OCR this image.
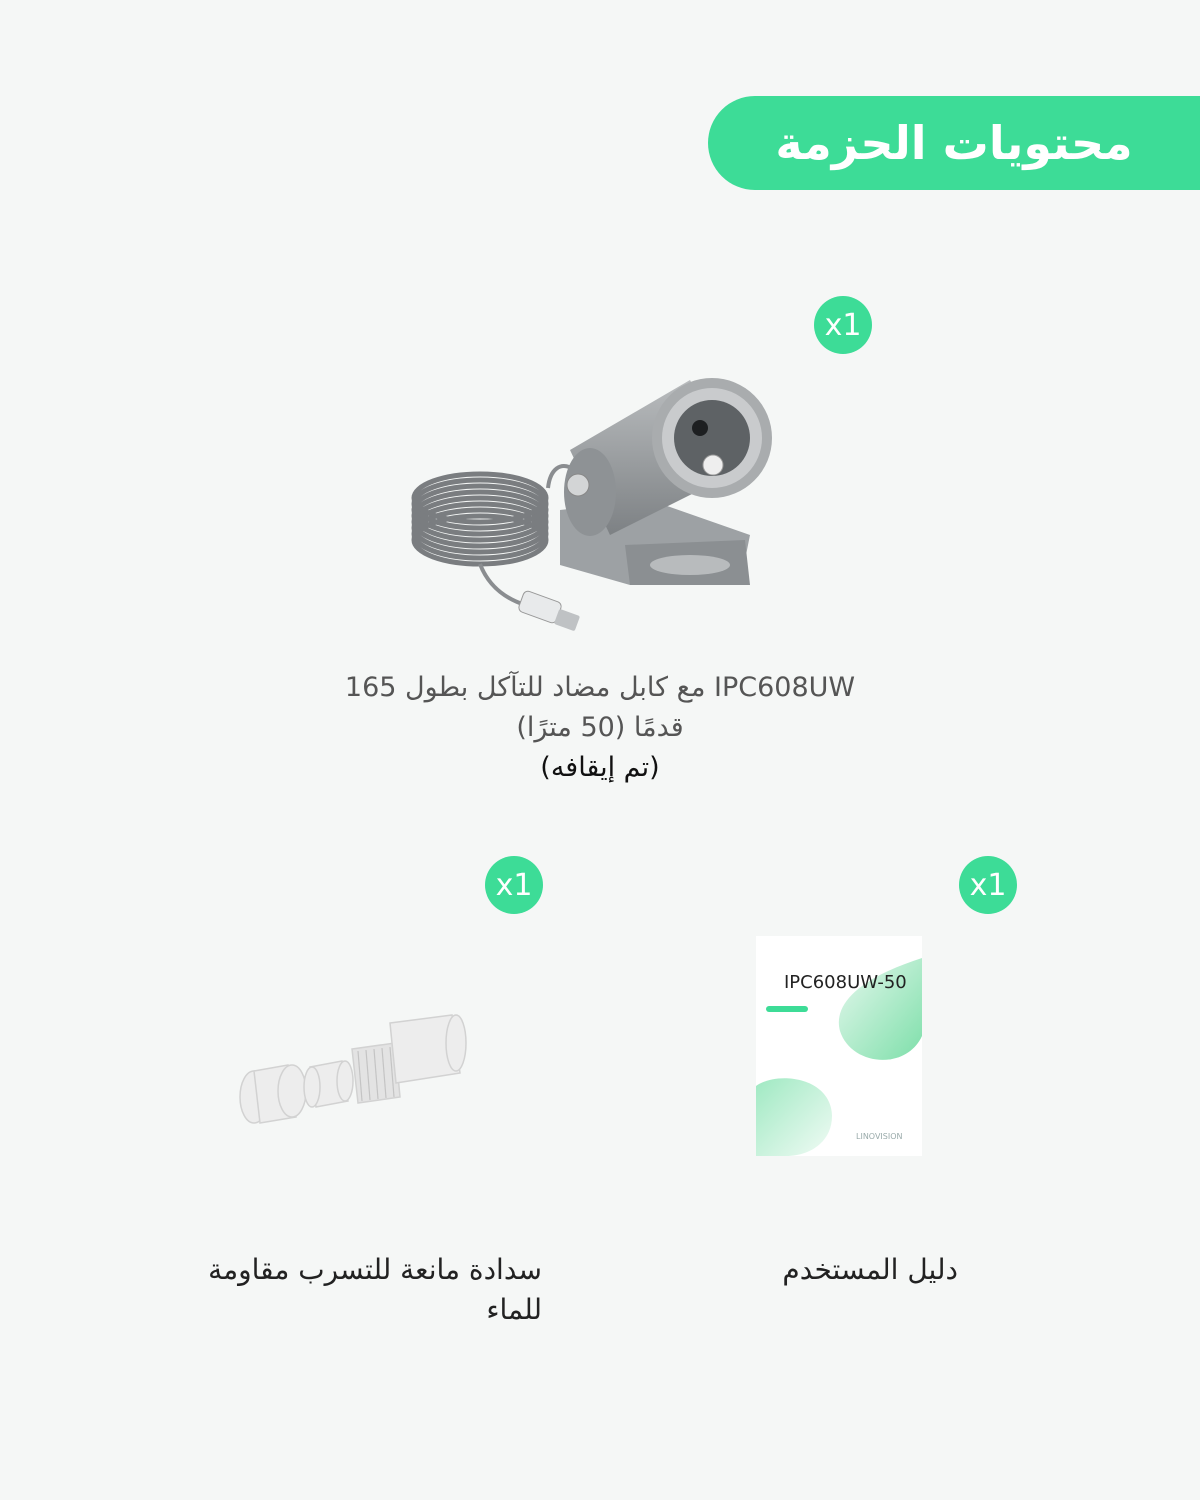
محتويات الحزمة
x1
IPC608UW مع كابل مضاد للتآكل بطول 165
قدمًا (50 مترًا)
(تم إيقافه)
x1
سدادة مانعة للتسرب مقاومة
للماء
x1
IPC608UW-50
LINOVISION
دليل المستخدم
